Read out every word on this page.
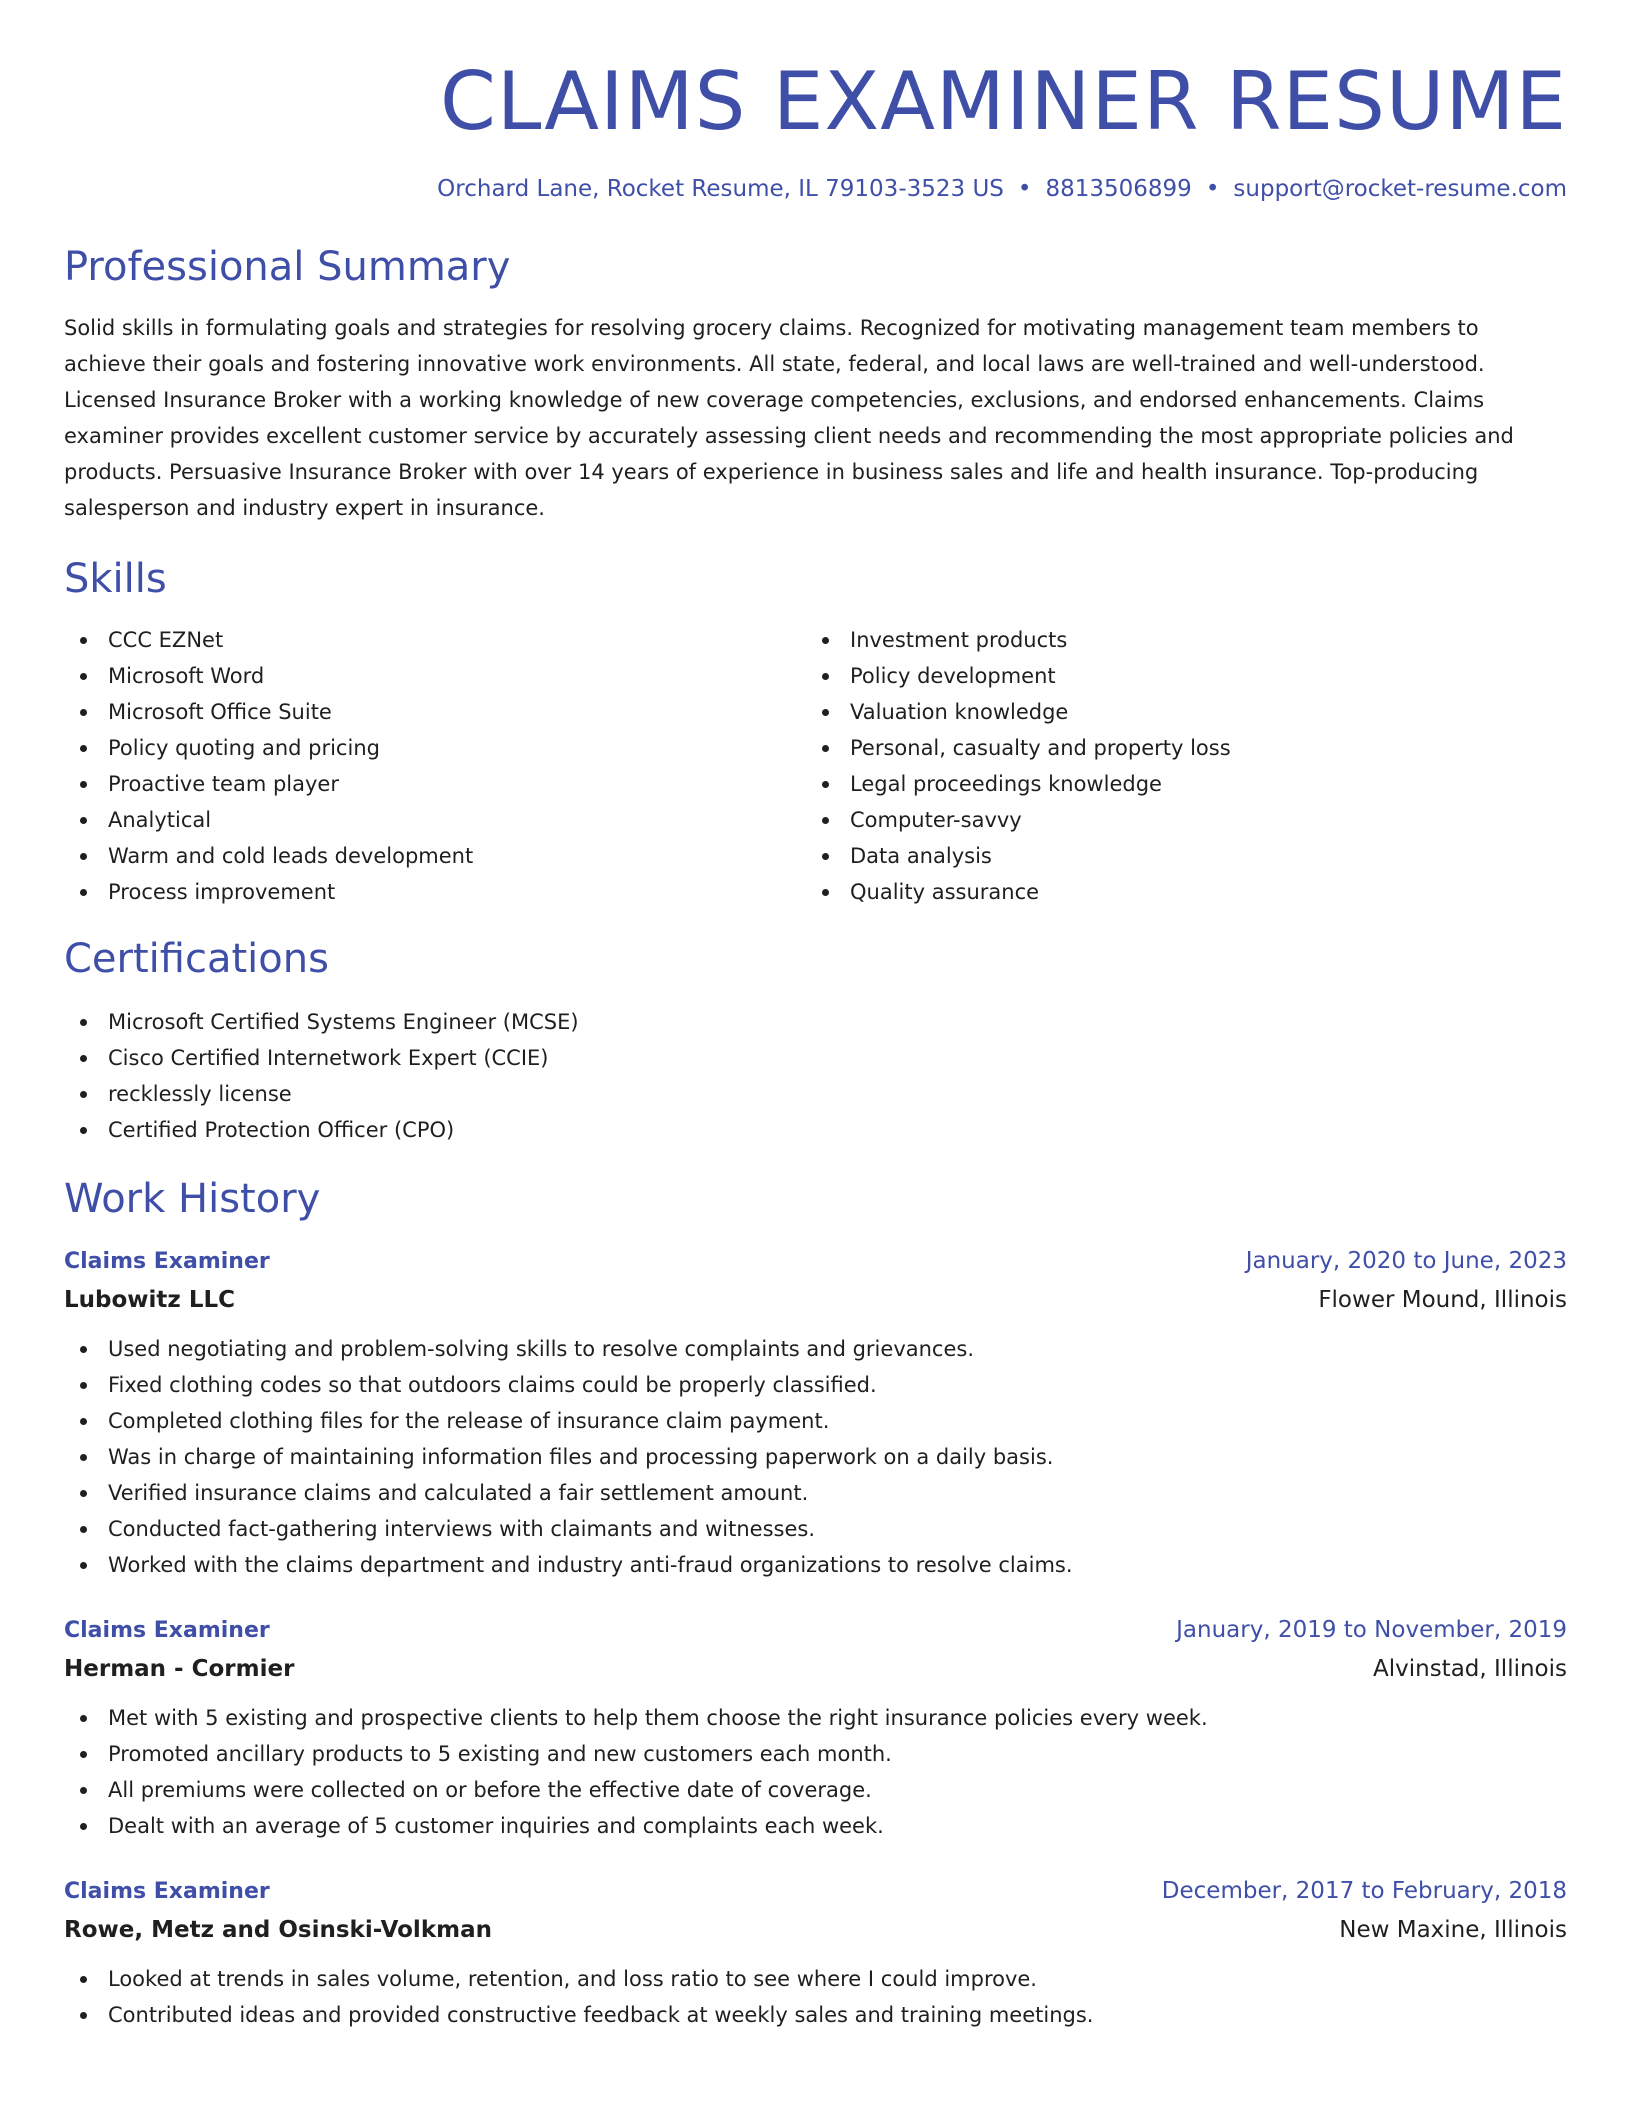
CLAIMS EXAMINER RESUME
Orchard Lane, Rocket Resume, IL 79103-3523 US • 8813506899 • support@rocket-resume.com
Professional Summary

Solid skills in formulating goals and strategies for resolving grocery claims. Recognized for motivating management team members to achieve their goals and fostering innovative work environments. All state, federal, and local laws are well-trained and well-understood. Licensed Insurance Broker with a working knowledge of new coverage competencies, exclusions, and endorsed enhancements. Claims examiner provides excellent customer service by accurately assessing client needs and recommending the most appropriate policies and products. Persuasive Insurance Broker with over 14 years of experience in business sales and life and health insurance. Top-producing salesperson and industry expert in insurance.

Skills
CCC EZNet
Microsoft Word
Microsoft Office Suite
Policy quoting and pricing
Proactive team player
Analytical
Warm and cold leads development
Process improvement
Investment products
Policy development
Valuation knowledge
Personal, casualty and property loss
Legal proceedings knowledge
Computer-savvy
Data analysis
Quality assurance
Certifications
Microsoft Certified Systems Engineer (MCSE)
Cisco Certified Internetwork Expert (CCIE)
recklessly license
Certified Protection Officer (CPO)
Work History
Claims Examiner	January, 2020 to June, 2023
Lubowitz LLC	Flower Mound, Illinois
Used negotiating and problem-solving skills to resolve complaints and grievances.
Fixed clothing codes so that outdoors claims could be properly classified.
Completed clothing files for the release of insurance claim payment.
Was in charge of maintaining information files and processing paperwork on a daily basis.
Verified insurance claims and calculated a fair settlement amount.
Conducted fact-gathering interviews with claimants and witnesses.
Worked with the claims department and industry anti-fraud organizations to resolve claims.
Claims Examiner	January, 2019 to November, 2019
Herman - Cormier	Alvinstad, Illinois
Met with 5 existing and prospective clients to help them choose the right insurance policies every week.
Promoted ancillary products to 5 existing and new customers each month.
All premiums were collected on or before the effective date of coverage.
Dealt with an average of 5 customer inquiries and complaints each week.
Claims Examiner	December, 2017 to February, 2018
Rowe, Metz and Osinski-Volkman	New Maxine, Illinois
Looked at trends in sales volume, retention, and loss ratio to see where I could improve.
Contributed ideas and provided constructive feedback at weekly sales and training meetings.
